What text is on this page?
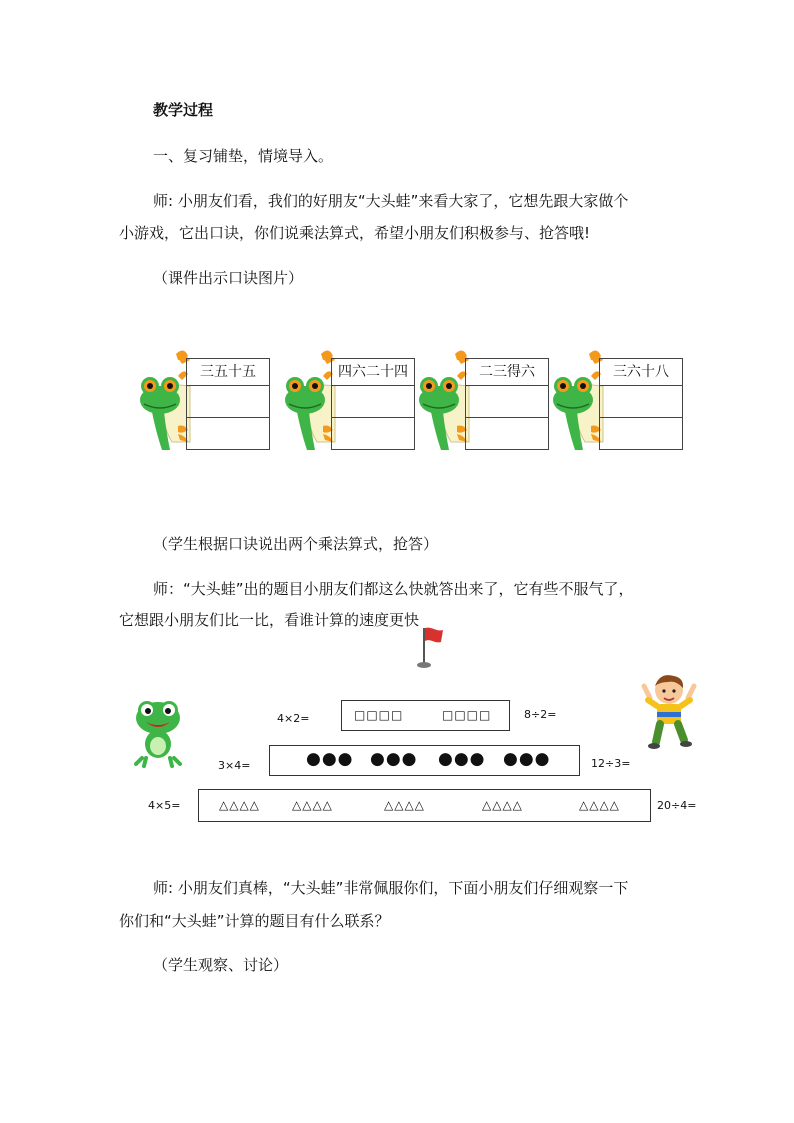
教学过程
一、复习铺垫，情境导入。
师: 小朋友们看，我们的好朋友“大头蛙”来看大家了，它想先跟大家做个
小游戏，它出口诀，你们说乘法算式，希望小朋友们积极参与、抢答哦!
（课件出示口诀图片）
三五十五	四六二十四	二三得六	三六十八
（学生根据口诀说出两个乘法算式，抢答）
师：“大头蛙”出的题目小朋友们都这么快就答出来了，它有些不服气了，
它想跟小朋友们比一比，看谁计算的速度更快
4×2=	□□□□	□□□□	8÷2=
3×4=	●●● ●●● ●●● ●●●	12÷3=
4×5=	△△△△	△△△△	△△△△	△△△△	△△△△	20÷4=
师: 小朋友们真棒，“大头蛙”非常佩服你们，下面小朋友们仔细观察一下
你们和“大头蛙”计算的题目有什么联系？
（学生观察、讨论）
